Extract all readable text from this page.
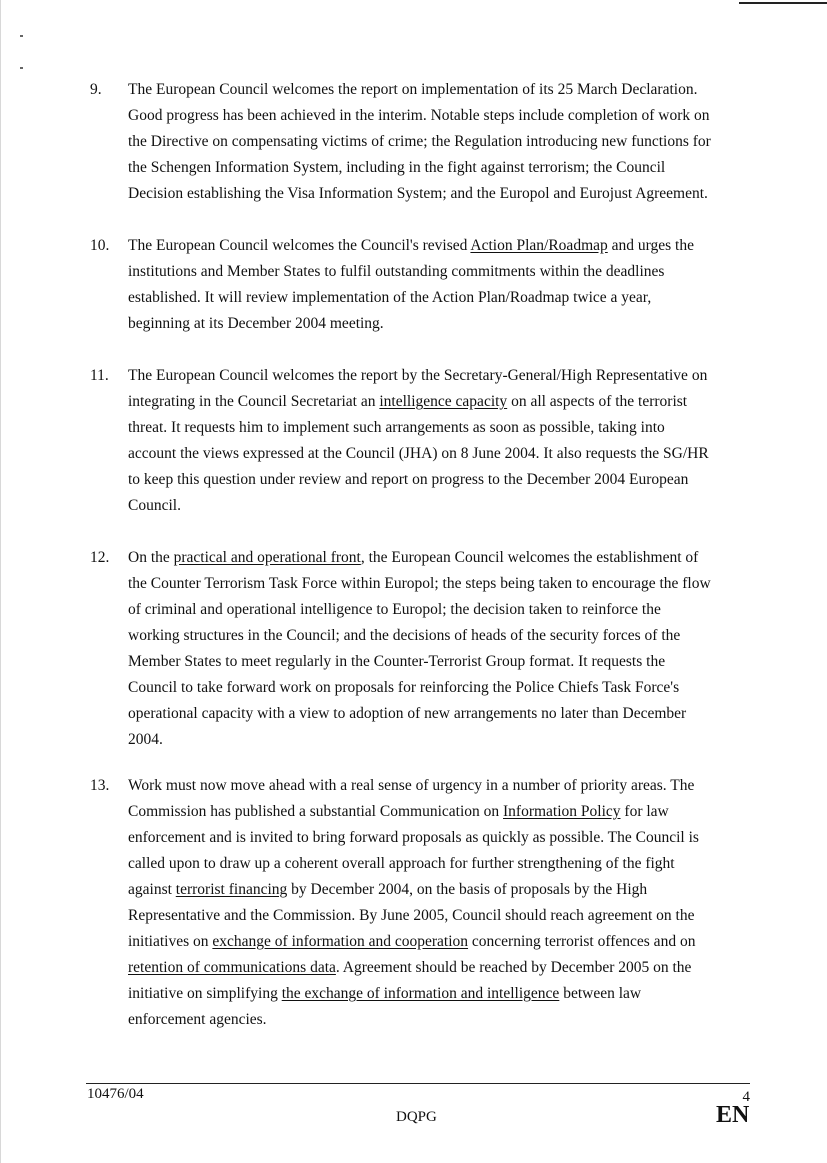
9. The European Council welcomes the report on implementation of its 25 March Declaration.
Good progress has been achieved in the interim. Notable steps include completion of work on
the Directive on compensating victims of crime; the Regulation introducing new functions for
the Schengen Information System, including in the fight against terrorism; the Council
Decision establishing the Visa Information System; and the Europol and Eurojust Agreement.
10. The European Council welcomes the Council's revised Action Plan/Roadmap and urges the
institutions and Member States to fulfil outstanding commitments within the deadlines
established. It will review implementation of the Action Plan/Roadmap twice a year,
beginning at its December 2004 meeting.
11. The European Council welcomes the report by the Secretary-General/High Representative on
integrating in the Council Secretariat an intelligence capacity on all aspects of the terrorist
threat. It requests him to implement such arrangements as soon as possible, taking into
account the views expressed at the Council (JHA) on 8 June 2004. It also requests the SG/HR
to keep this question under review and report on progress to the December 2004 European
Council.
12. On the practical and operational front, the European Council welcomes the establishment of
the Counter Terrorism Task Force within Europol; the steps being taken to encourage the flow
of criminal and operational intelligence to Europol; the decision taken to reinforce the
working structures in the Council; and the decisions of heads of the security forces of the
Member States to meet regularly in the Counter-Terrorist Group format. It requests the
Council to take forward work on proposals for reinforcing the Police Chiefs Task Force's
operational capacity with a view to adoption of new arrangements no later than December
2004.
13. Work must now move ahead with a real sense of urgency in a number of priority areas. The
Commission has published a substantial Communication on Information Policy for law
enforcement and is invited to bring forward proposals as quickly as possible. The Council is
called upon to draw up a coherent overall approach for further strengthening of the fight
against terrorist financing by December 2004, on the basis of proposals by the High
Representative and the Commission. By June 2005, Council should reach agreement on the
initiatives on exchange of information and cooperation concerning terrorist offences and on
retention of communications data. Agreement should be reached by December 2005 on the
initiative on simplifying the exchange of information and intelligence between law
enforcement agencies.
10476/04	4
DQPG	EN
